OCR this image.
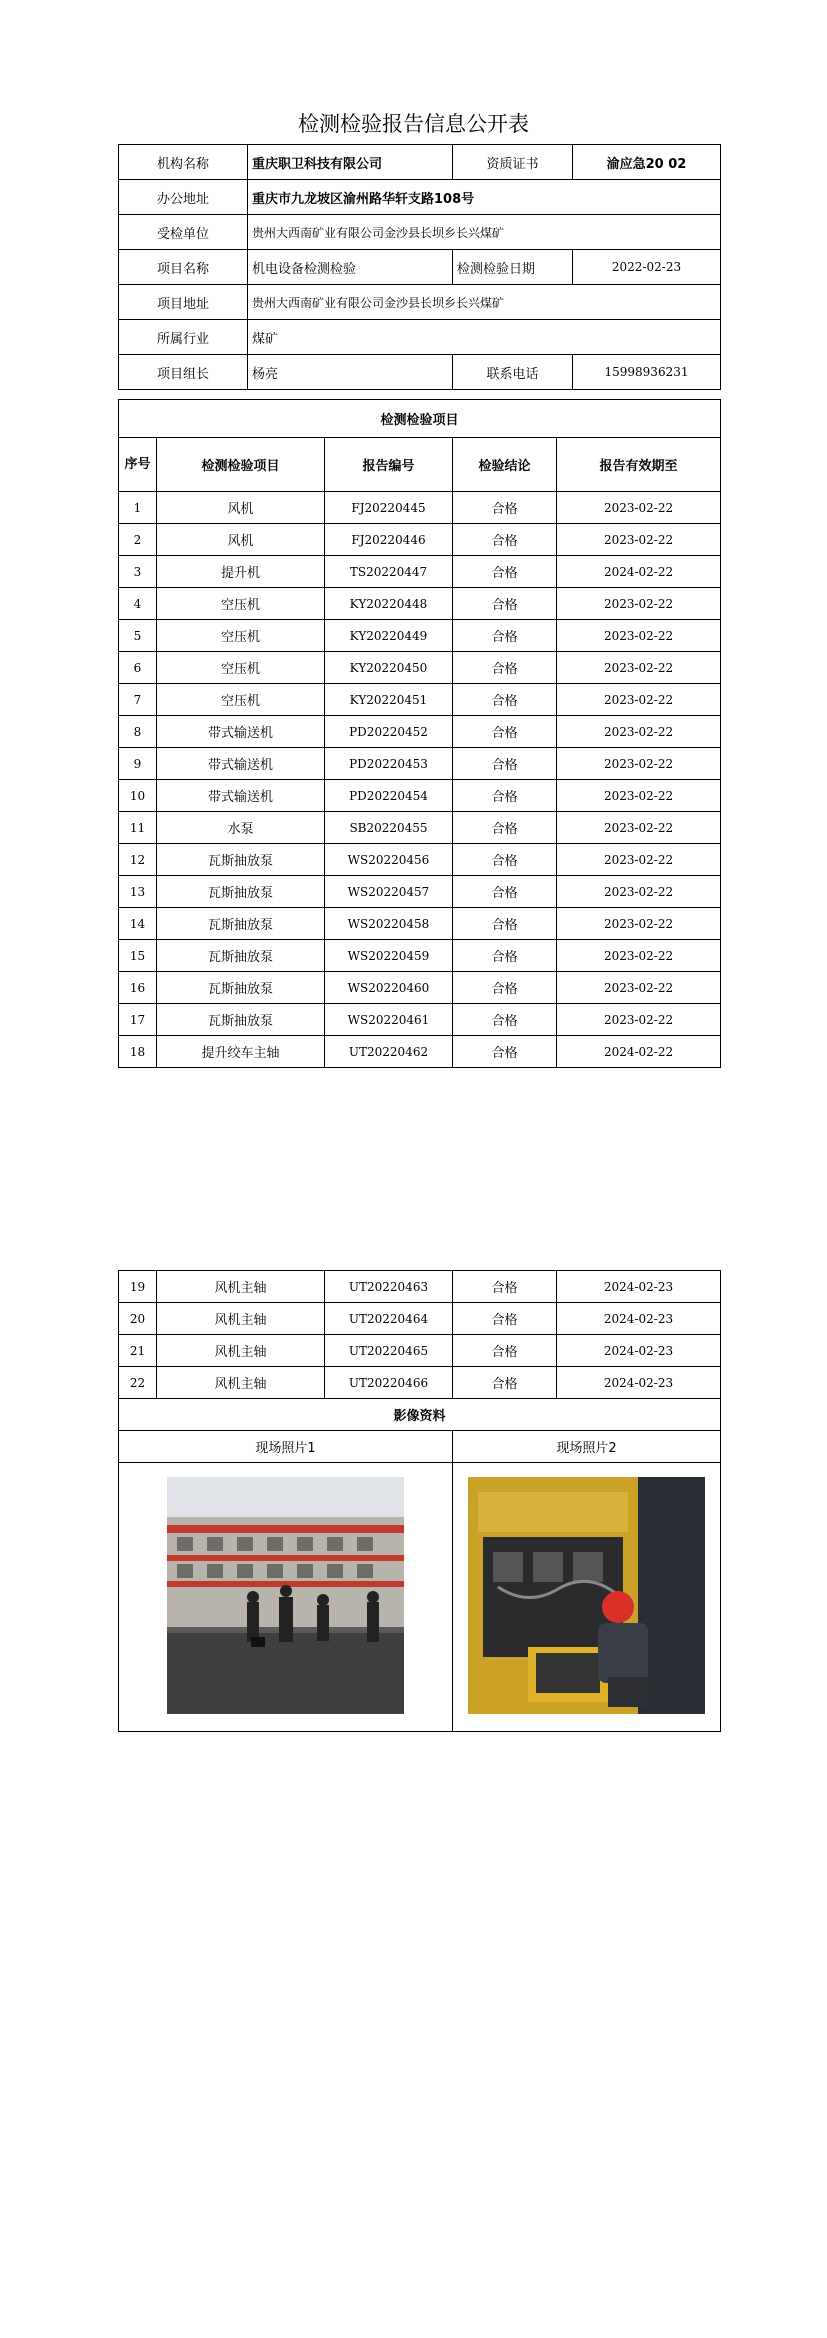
检测检验报告信息公开表
机构名称	重庆职卫科技有限公司	资质证书	渝应急20 02
办公地址	重庆市九龙坡区渝州路华轩支路108号		
受检单位	贵州大西南矿业有限公司金沙县长坝乡长兴煤矿		
项目名称	机电设备检测检验	检测检验日期	2022-02-23
项目地址	贵州大西南矿业有限公司金沙县长坝乡长兴煤矿		
所属行业	煤矿		
项目组长	杨亮	联系电话	15998936231
检测检验项目				
序号	检测检验项目	报告编号	检验结论	报告有效期至
1	风机	FJ20220445	合格	2023-02-22
2	风机	FJ20220446	合格	2023-02-22
3	提升机	TS20220447	合格	2024-02-22
4	空压机	KY20220448	合格	2023-02-22
5	空压机	KY20220449	合格	2023-02-22
6	空压机	KY20220450	合格	2023-02-22
7	空压机	KY20220451	合格	2023-02-22
8	带式输送机	PD20220452	合格	2023-02-22
9	带式输送机	PD20220453	合格	2023-02-22
10	带式输送机	PD20220454	合格	2023-02-22
11	水泵	SB20220455	合格	2023-02-22
12	瓦斯抽放泵	WS20220456	合格	2023-02-22
13	瓦斯抽放泵	WS20220457	合格	2023-02-22
14	瓦斯抽放泵	WS20220458	合格	2023-02-22
15	瓦斯抽放泵	WS20220459	合格	2023-02-22
16	瓦斯抽放泵	WS20220460	合格	2023-02-22
17	瓦斯抽放泵	WS20220461	合格	2023-02-22
18	提升绞车主轴	UT20220462	合格	2024-02-22
19	风机主轴	UT20220463	合格	2024-02-23
20	风机主轴	UT20220464	合格	2024-02-23
21	风机主轴	UT20220465	合格	2024-02-23
22	风机主轴	UT20220466	合格	2024-02-23
影像资料				
现场照片1			现场照片2	
